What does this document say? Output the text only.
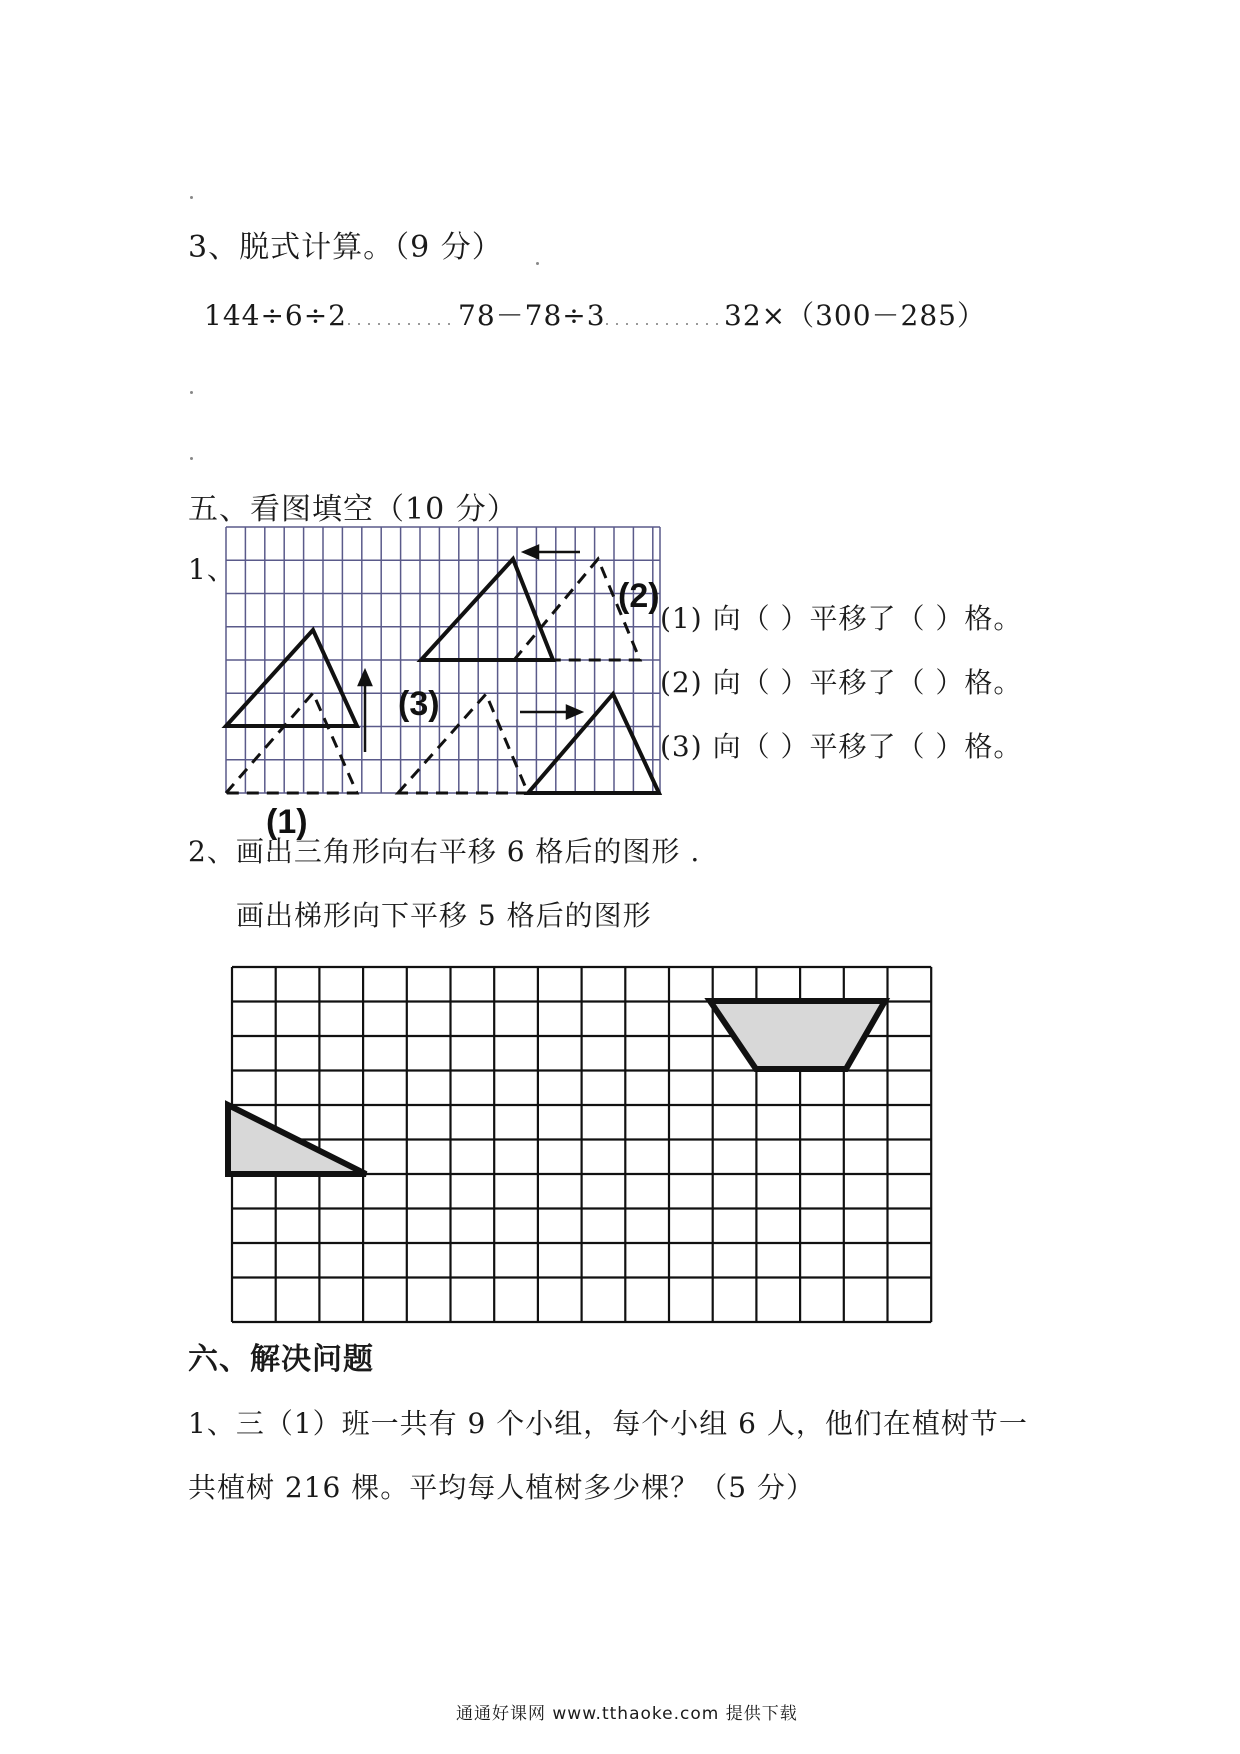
3、脱式计算。（9 分）
144÷6÷2	78－78÷3	32×（300－285）
五、看图填空（10 分）
1、
(1)
(2)
(3)
(1) 向（ ）平移了（ ）格。
(2) 向（ ）平移了（ ）格。
(3) 向（ ）平移了（ ）格。
2、画出三角形向右平移 6 格后的图形 .
画出梯形向下平移 5 格后的图形
六、解决问题
1、三（1）班一共有 9 个小组，每个小组 6 人，他们在植树节一
共植树 216 棵。平均每人植树多少棵？（5 分）
通通好课网 www.tthaoke.com 提供下载
